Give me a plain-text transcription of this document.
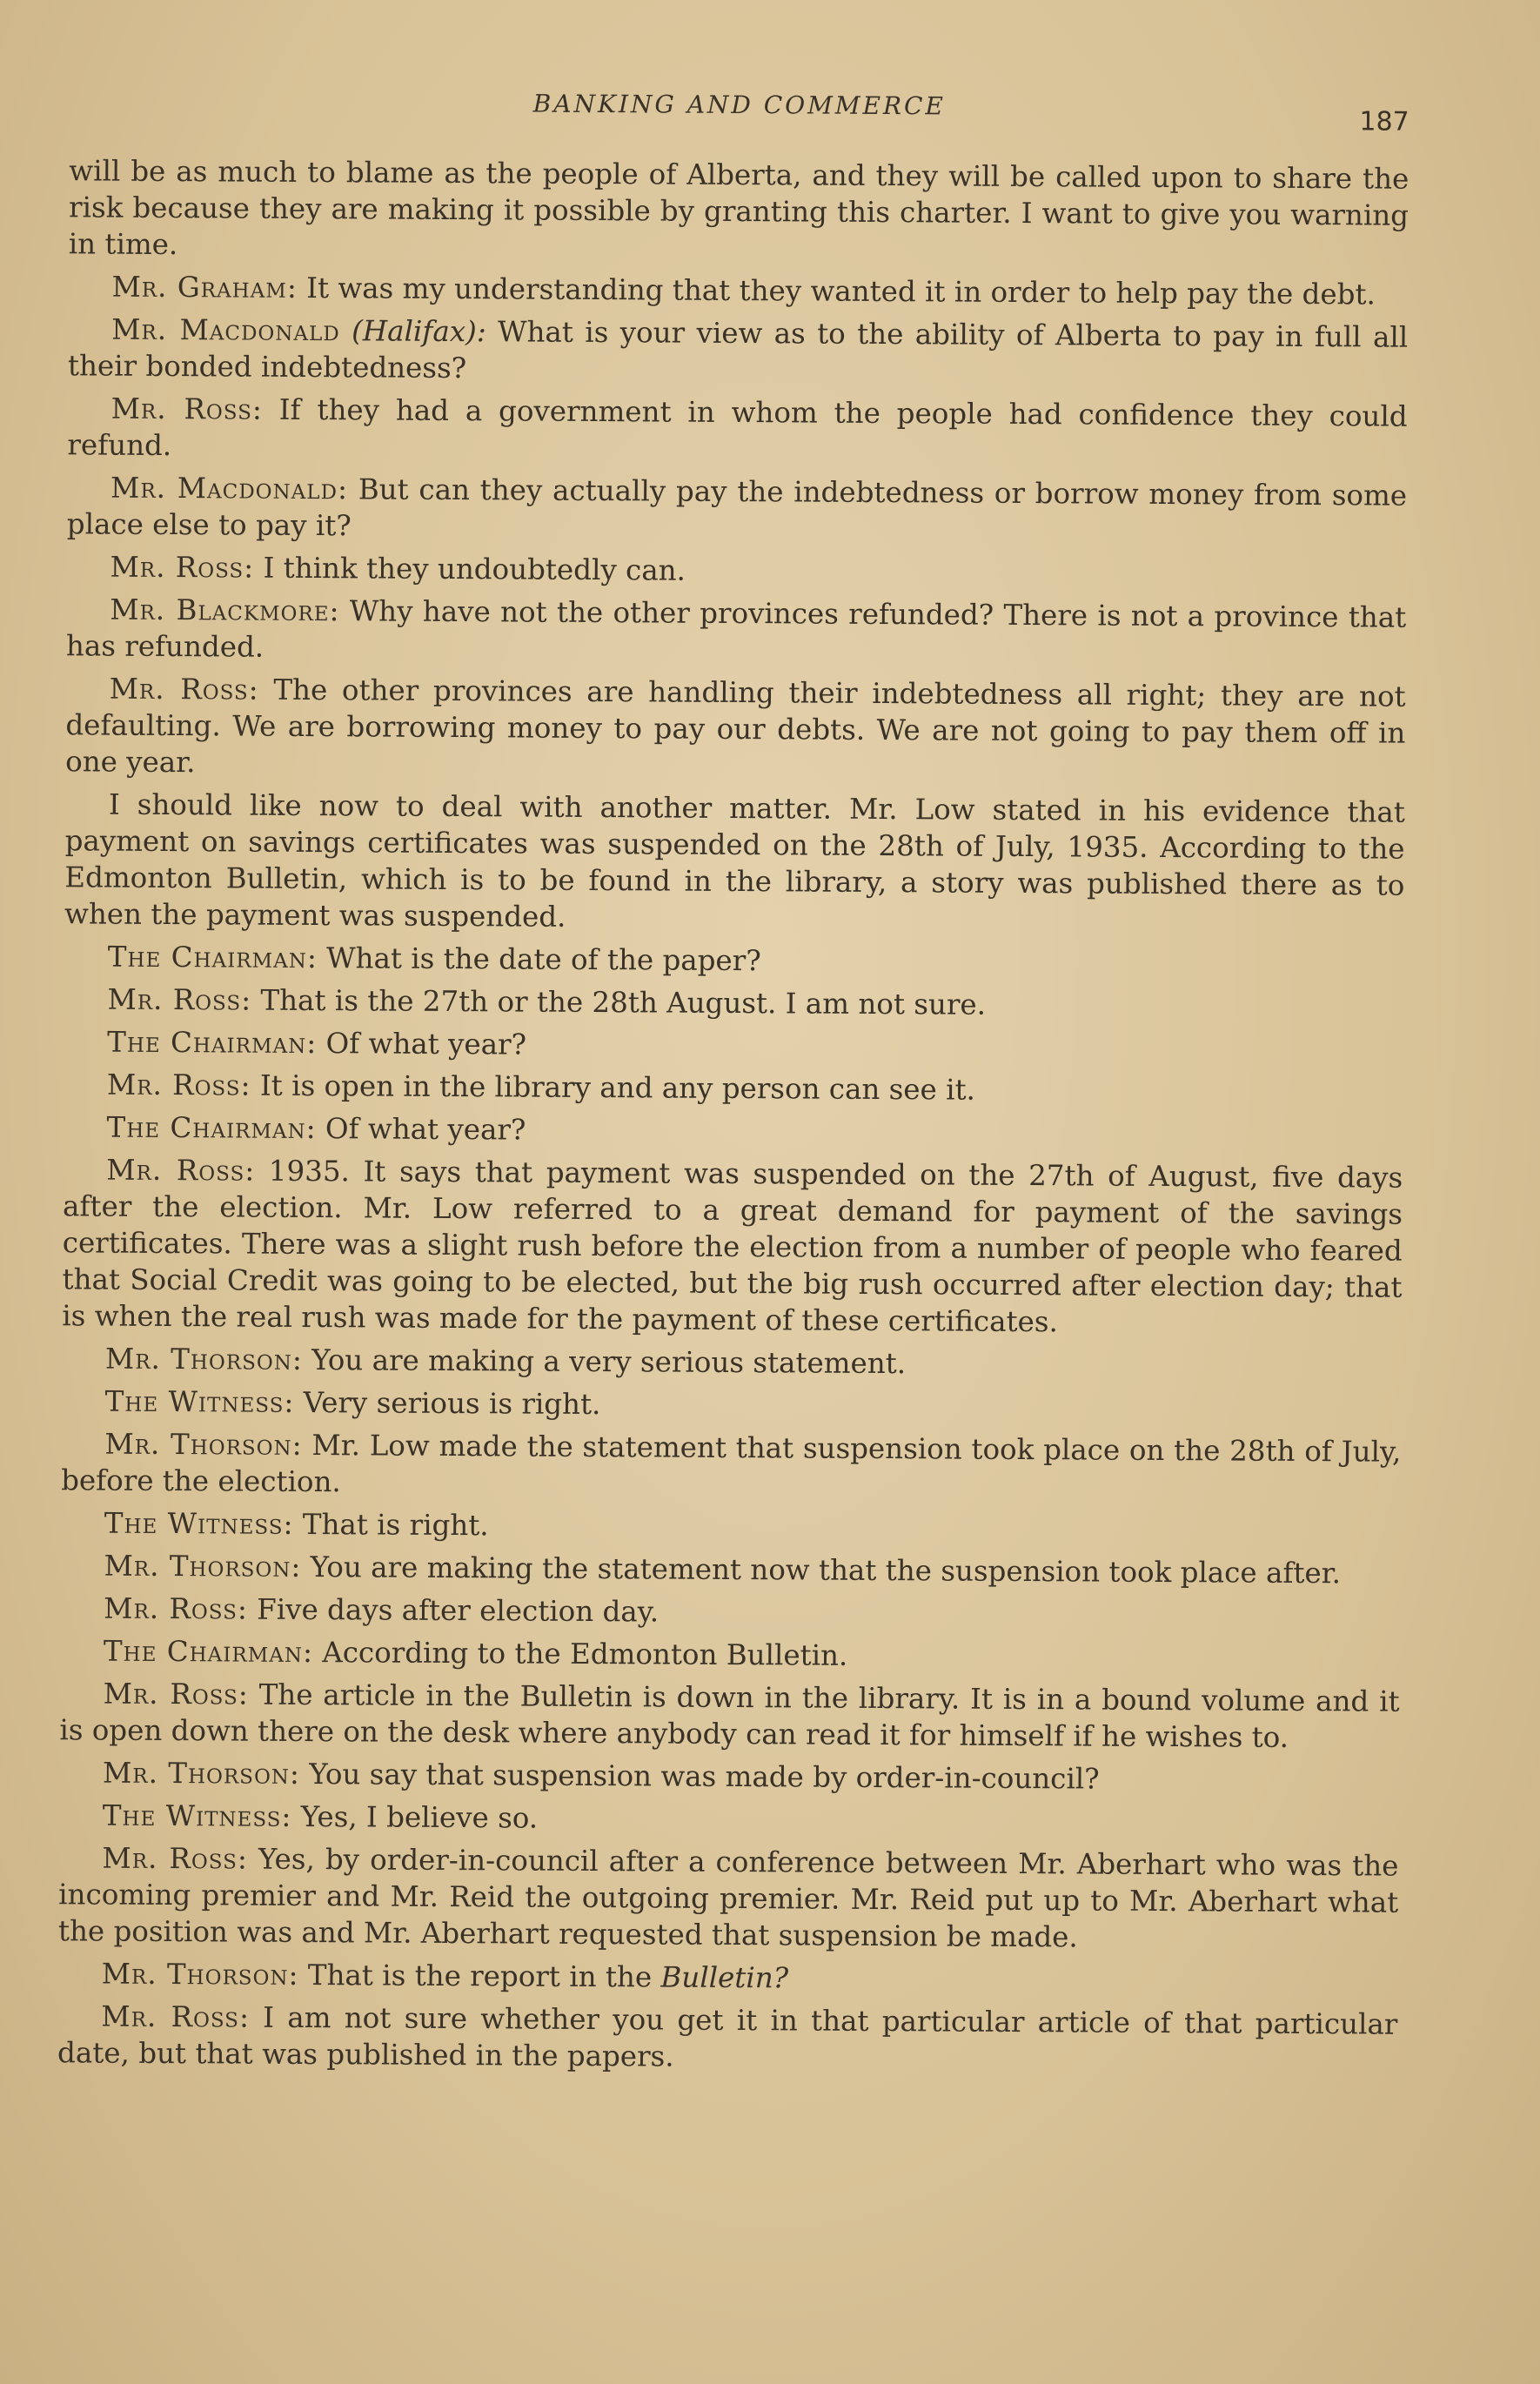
BANKING AND COMMERCE
187

will be as much to blame as the people of Alberta, and they will be called upon to share the risk because they are making it possible by granting this charter. I want to give you warning in time.

Mr. Graham: It was my understanding that they wanted it in order to help pay the debt.

Mr. Macdonald (Halifax): What is your view as to the ability of Alberta to pay in full all their bonded indebtedness?

Mr. Ross: If they had a government in whom the people had confidence they could refund.

Mr. Macdonald: But can they actually pay the indebtedness or borrow money from some place else to pay it?

Mr. Ross: I think they undoubtedly can.

Mr. Blackmore: Why have not the other provinces refunded? There is not a province that has refunded.

Mr. Ross: The other provinces are handling their indebtedness all right; they are not defaulting. We are borrowing money to pay our debts. We are not going to pay them off in one year.

I should like now to deal with another matter. Mr. Low stated in his evidence that payment on savings certificates was suspended on the 28th of July, 1935. According to the Edmonton Bulletin, which is to be found in the library, a story was published there as to when the payment was suspended.

The Chairman: What is the date of the paper?

Mr. Ross: That is the 27th or the 28th August. I am not sure.

The Chairman: Of what year?

Mr. Ross: It is open in the library and any person can see it.

The Chairman: Of what year?

Mr. Ross: 1935. It says that payment was suspended on the 27th of August, five days after the election. Mr. Low referred to a great demand for payment of the savings certificates. There was a slight rush before the election from a number of people who feared that Social Credit was going to be elected, but the big rush occurred after election day; that is when the real rush was made for the payment of these certificates.

Mr. Thorson: You are making a very serious statement.

The Witness: Very serious is right.

Mr. Thorson: Mr. Low made the statement that suspension took place on the 28th of July, before the election.

The Witness: That is right.

Mr. Thorson: You are making the statement now that the suspension took place after.

Mr. Ross: Five days after election day.

The Chairman: According to the Edmonton Bulletin.

Mr. Ross: The article in the Bulletin is down in the library. It is in a bound volume and it is open down there on the desk where anybody can read it for himself if he wishes to.

Mr. Thorson: You say that suspension was made by order-in-council?

The Witness: Yes, I believe so.

Mr. Ross: Yes, by order-in-council after a conference between Mr. Aberhart who was the incoming premier and Mr. Reid the outgoing premier. Mr. Reid put up to Mr. Aberhart what the position was and Mr. Aberhart requested that suspension be made.

Mr. Thorson: That is the report in the Bulletin?

Mr. Ross: I am not sure whether you get it in that particular article of that particular date, but that was published in the papers.
